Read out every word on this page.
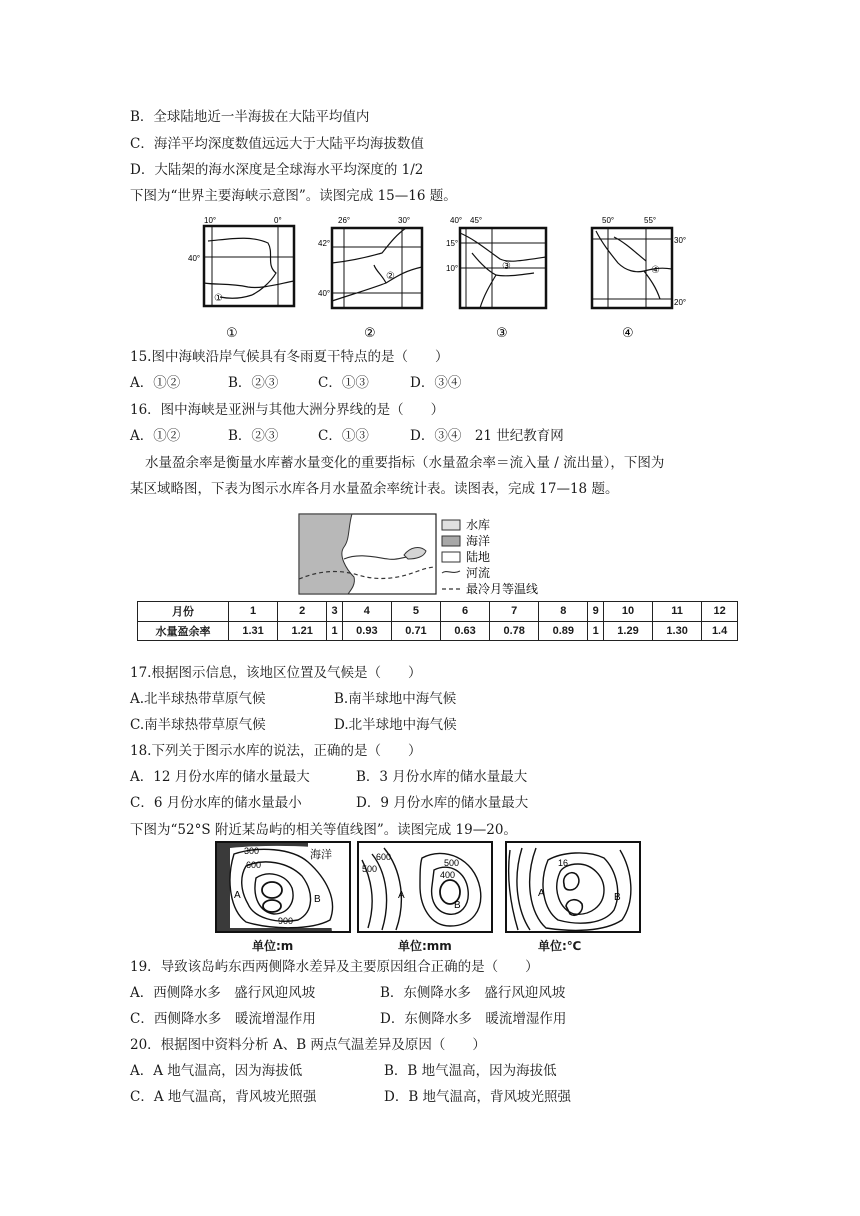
B．全球陆地近一半海拔在大陆平均值内
C．海洋平均深度数值远远大于大陆平均海拔数值
D．大陆架的海水深度是全球海水平均深度的 1/2
下图为“世界主要海峡示意图”。读图完成 15—16 题。
10°	0°
40°
①
26°	30°
42°
40°
②
40° 45°
15°
10°	③
50°	55°
30°
20°
④
①	②	③	④
15.图中海峡沿岸气候具有冬雨夏干特点的是（　　）
A．①②	B．②③	C．①③	D．③④
16．图中海峡是亚洲与其他大洲分界线的是（　　）
A．①②	B．②③	C．①③	D．③④　21 世纪教育网
水量盈余率是衡量水库蓄水量变化的重要指标（水量盈余率＝流入量 / 流出量），下图为
某区域略图，下表为图示水库各月水量盈余率统计表。读图表，完成 17—18 题。
水库
海洋
陆地
河流
最冷月等温线
月份	1	2	3	4	5	6	7	8	9	10	11	12
水量盈余率	1.31	1.21	1	0.93	0.71	0.63	0.78	0.89	1	1.29	1.30	1.4
17.根据图示信息，该地区位置及气候是（　　）
A.北半球热带草原气候	B.南半球地中海气候
C.南半球热带草原气候	D.北半球地中海气候
18.下列关于图示水库的说法，正确的是（　　）
A．12 月份水库的储水量最大	B．3 月份水库的储水量最大
C．6 月份水库的储水量最小	D．9 月份水库的储水量最大
下图为“52°S 附近某岛屿的相关等值线图”。读图完成 19—20。
300
600
900
海洋
A	B
600
500
500
400
A
B
16
A	B
单位:m	单位:mm	单位:℃
19．导致该岛屿东西两侧降水差异及主要原因组合正确的是（　　）
A．西侧降水多　盛行风迎风坡	B．东侧降水多　盛行风迎风坡
C．西侧降水多　暖流增湿作用	D．东侧降水多　暖流增湿作用
20．根据图中资料分析 A、B 两点气温差异及原因（　　）
A．A 地气温高，因为海拔低	B．B 地气温高，因为海拔低
C．A 地气温高，背风坡光照强	D．B 地气温高，背风坡光照强
